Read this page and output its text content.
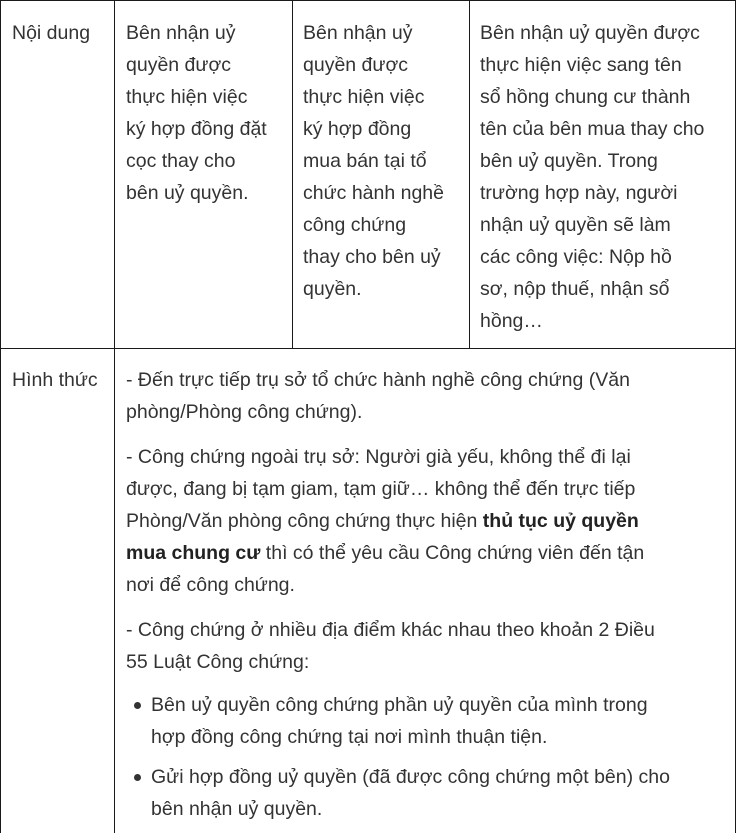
Nội dung	Bên nhận uỷ

quyền được

thực hiện việc

ký hợp đồng đặt

cọc thay cho

bên uỷ quyền.

Bên nhận uỷ

quyền được

thực hiện việc

ký hợp đồng

mua bán tại tổ

chức hành nghề

công chứng

thay cho bên uỷ

quyền.

Bên nhận uỷ quyền được

thực hiện việc sang tên

sổ hồng chung cư thành

tên của bên mua thay cho

bên uỷ quyền. Trong

trường hợp này, người

nhận uỷ quyền sẽ làm

các công việc: Nộp hồ

sơ, nộp thuế, nhận sổ

hồng…

Hình thức	- Đến trực tiếp trụ sở tổ chức hành nghề công chứng (Văn

phòng/Phòng công chứng).

- Công chứng ngoài trụ sở: Người già yếu, không thể đi lại

được, đang bị tạm giam, tạm giữ… không thể đến trực tiếp

Phòng/Văn phòng công chứng thực hiện thủ tục uỷ quyền

mua chung cư thì có thể yêu cầu Công chứng viên đến tận

nơi để công chứng.

- Công chứng ở nhiều địa điểm khác nhau theo khoản 2 Điều

55 Luật Công chứng:

Bên uỷ quyền công chứng phần uỷ quyền của mình trong

hợp đồng công chứng tại nơi mình thuận tiện.

Gửi hợp đồng uỷ quyền (đã được công chứng một bên) cho

bên nhận uỷ quyền.
